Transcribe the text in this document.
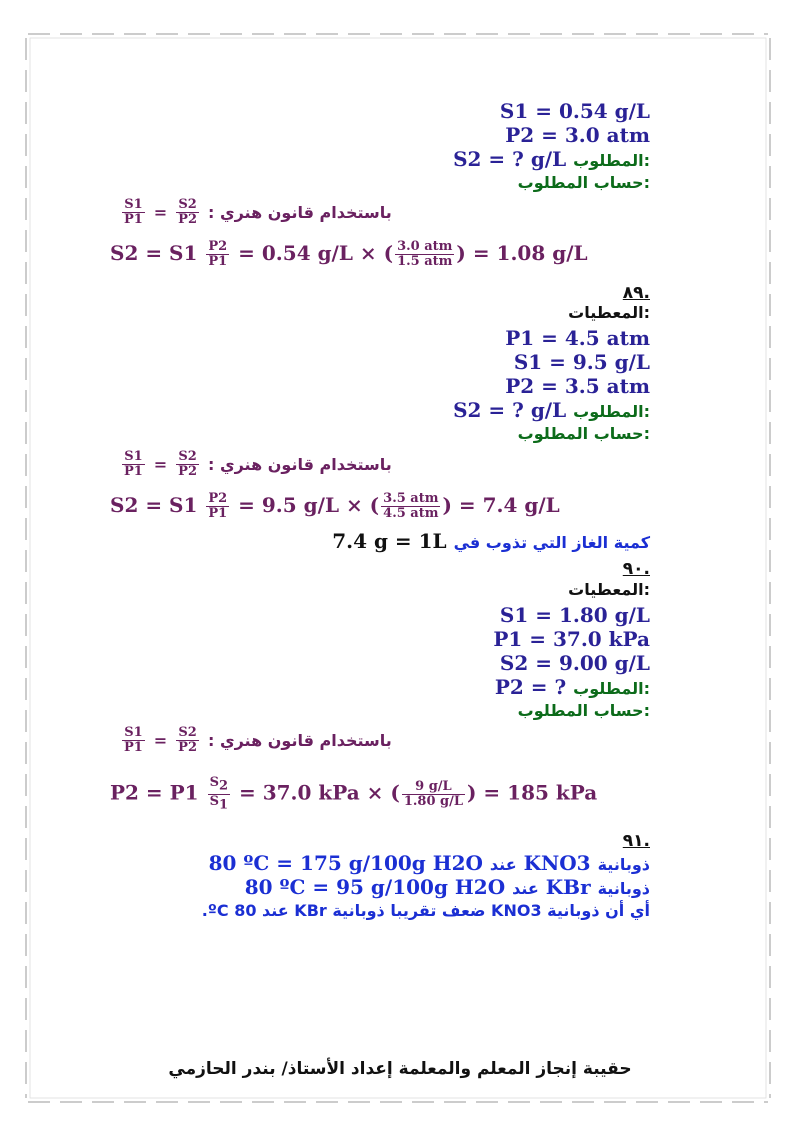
S1 = 0.54 g/L
P2 = 3.0 atm
S2 = ? g/L المطلوب:
حساب المطلوب:
$\frac{S1}{P1} = \frac{S2}{P2}$ : باستخدام قانون هنري
$S2 = S1 \frac{P2}{P1} = 0.54$ g/L × ( $\frac{\text{3.0 atm}}{\text{1.5 atm}}$ ) = 1.08 g/L
٨٩.
المعطيات:
P1 = 4.5 atm
S1 = 9.5 g/L
P2 = 3.5 atm
S2 = ? g/L المطلوب:
حساب المطلوب:
$\frac{S1}{P1} = \frac{S2}{P2}$ : باستخدام قانون هنري
$S2 = S1 \frac{P2}{P1} = 9.5$ g/L × ( $\frac{\text{3.5 atm}}{\text{4.5 atm}}$ ) = 7.4 g/L
7.4 g = 1L كمية الغاز التي تذوب في
٩٠.
المعطيات:
S1 = 1.80 g/L
P1 = 37.0 kPa
S2 = 9.00 g/L
P2 = ? المطلوب:
حساب المطلوب:
$\frac{S1}{P1} = \frac{S2}{P2}$ : باستخدام قانون هنري
$P2 = P1 \frac{S_2}{S_1} = 37.0$ kPa × ( $\frac{9 g/L}{1.80 g/L}$ ) = 185 kPa
٩١.
80 ºC = 175 g/100g H2O عند KNO3 ذوبانية
80 ºC = 95 g/100g H2O عند KBr ذوبانية
أي أن ذوبانية KNO3 ضعف تقريبا ذوبانية KBr عند 80 ºC.
حقيبة إنجاز المعلم والمعلمة إعداد الأستاذ/ بندر الحازمي
